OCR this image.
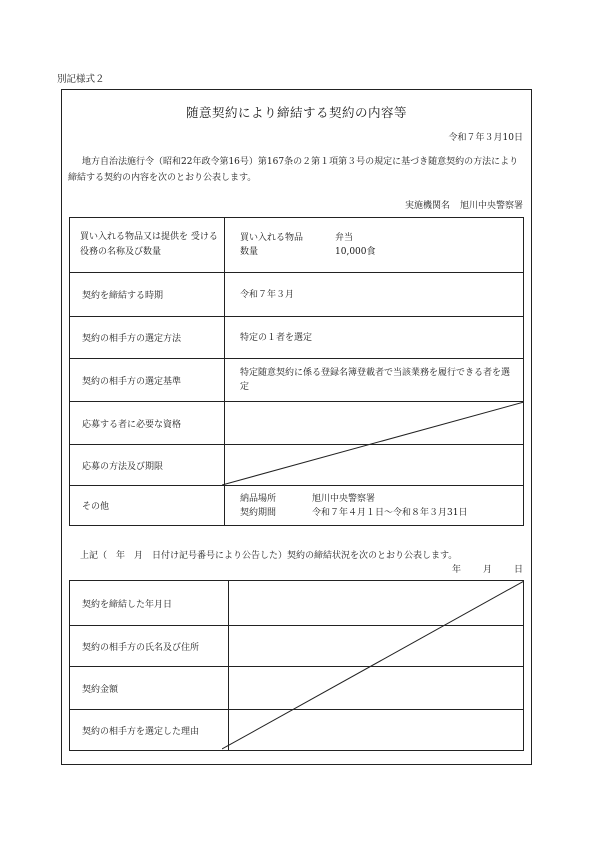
別記様式２
随意契約により締結する契約の内容等
令和７年３月10日
地方自治法施行令（昭和22年政令第16号）第167条の２第１項第３号の規定に基づき随意契約の方法により締結する契約の内容を次のとおり公表します。
実施機関名 旭川中央警察署
買い入れる物品又は提供を 受ける役務の名称及び数量	買い入れる物品 弁当
数量 10,000食

契約を締結する時期	令和７年３月
契約の相手方の選定方法	特定の１者を選定
契約の相手方の選定基準	特定随意契約に係る登録名簿登載者で当該業務を履行できる者を選定
応募する者に必要な資格	
応募の方法及び期限	
その他	納品場所 旭川中央警察署
契約期間 令和７年４月１日～令和８年３月31日
上記（　年　月　日付け記号番号により公告した）契約の締結状況を次のとおり公表します。
年 月 日
契約を締結した年月日	
契約の相手方の氏名及び住所	
契約金額	
契約の相手方を選定した理由	
